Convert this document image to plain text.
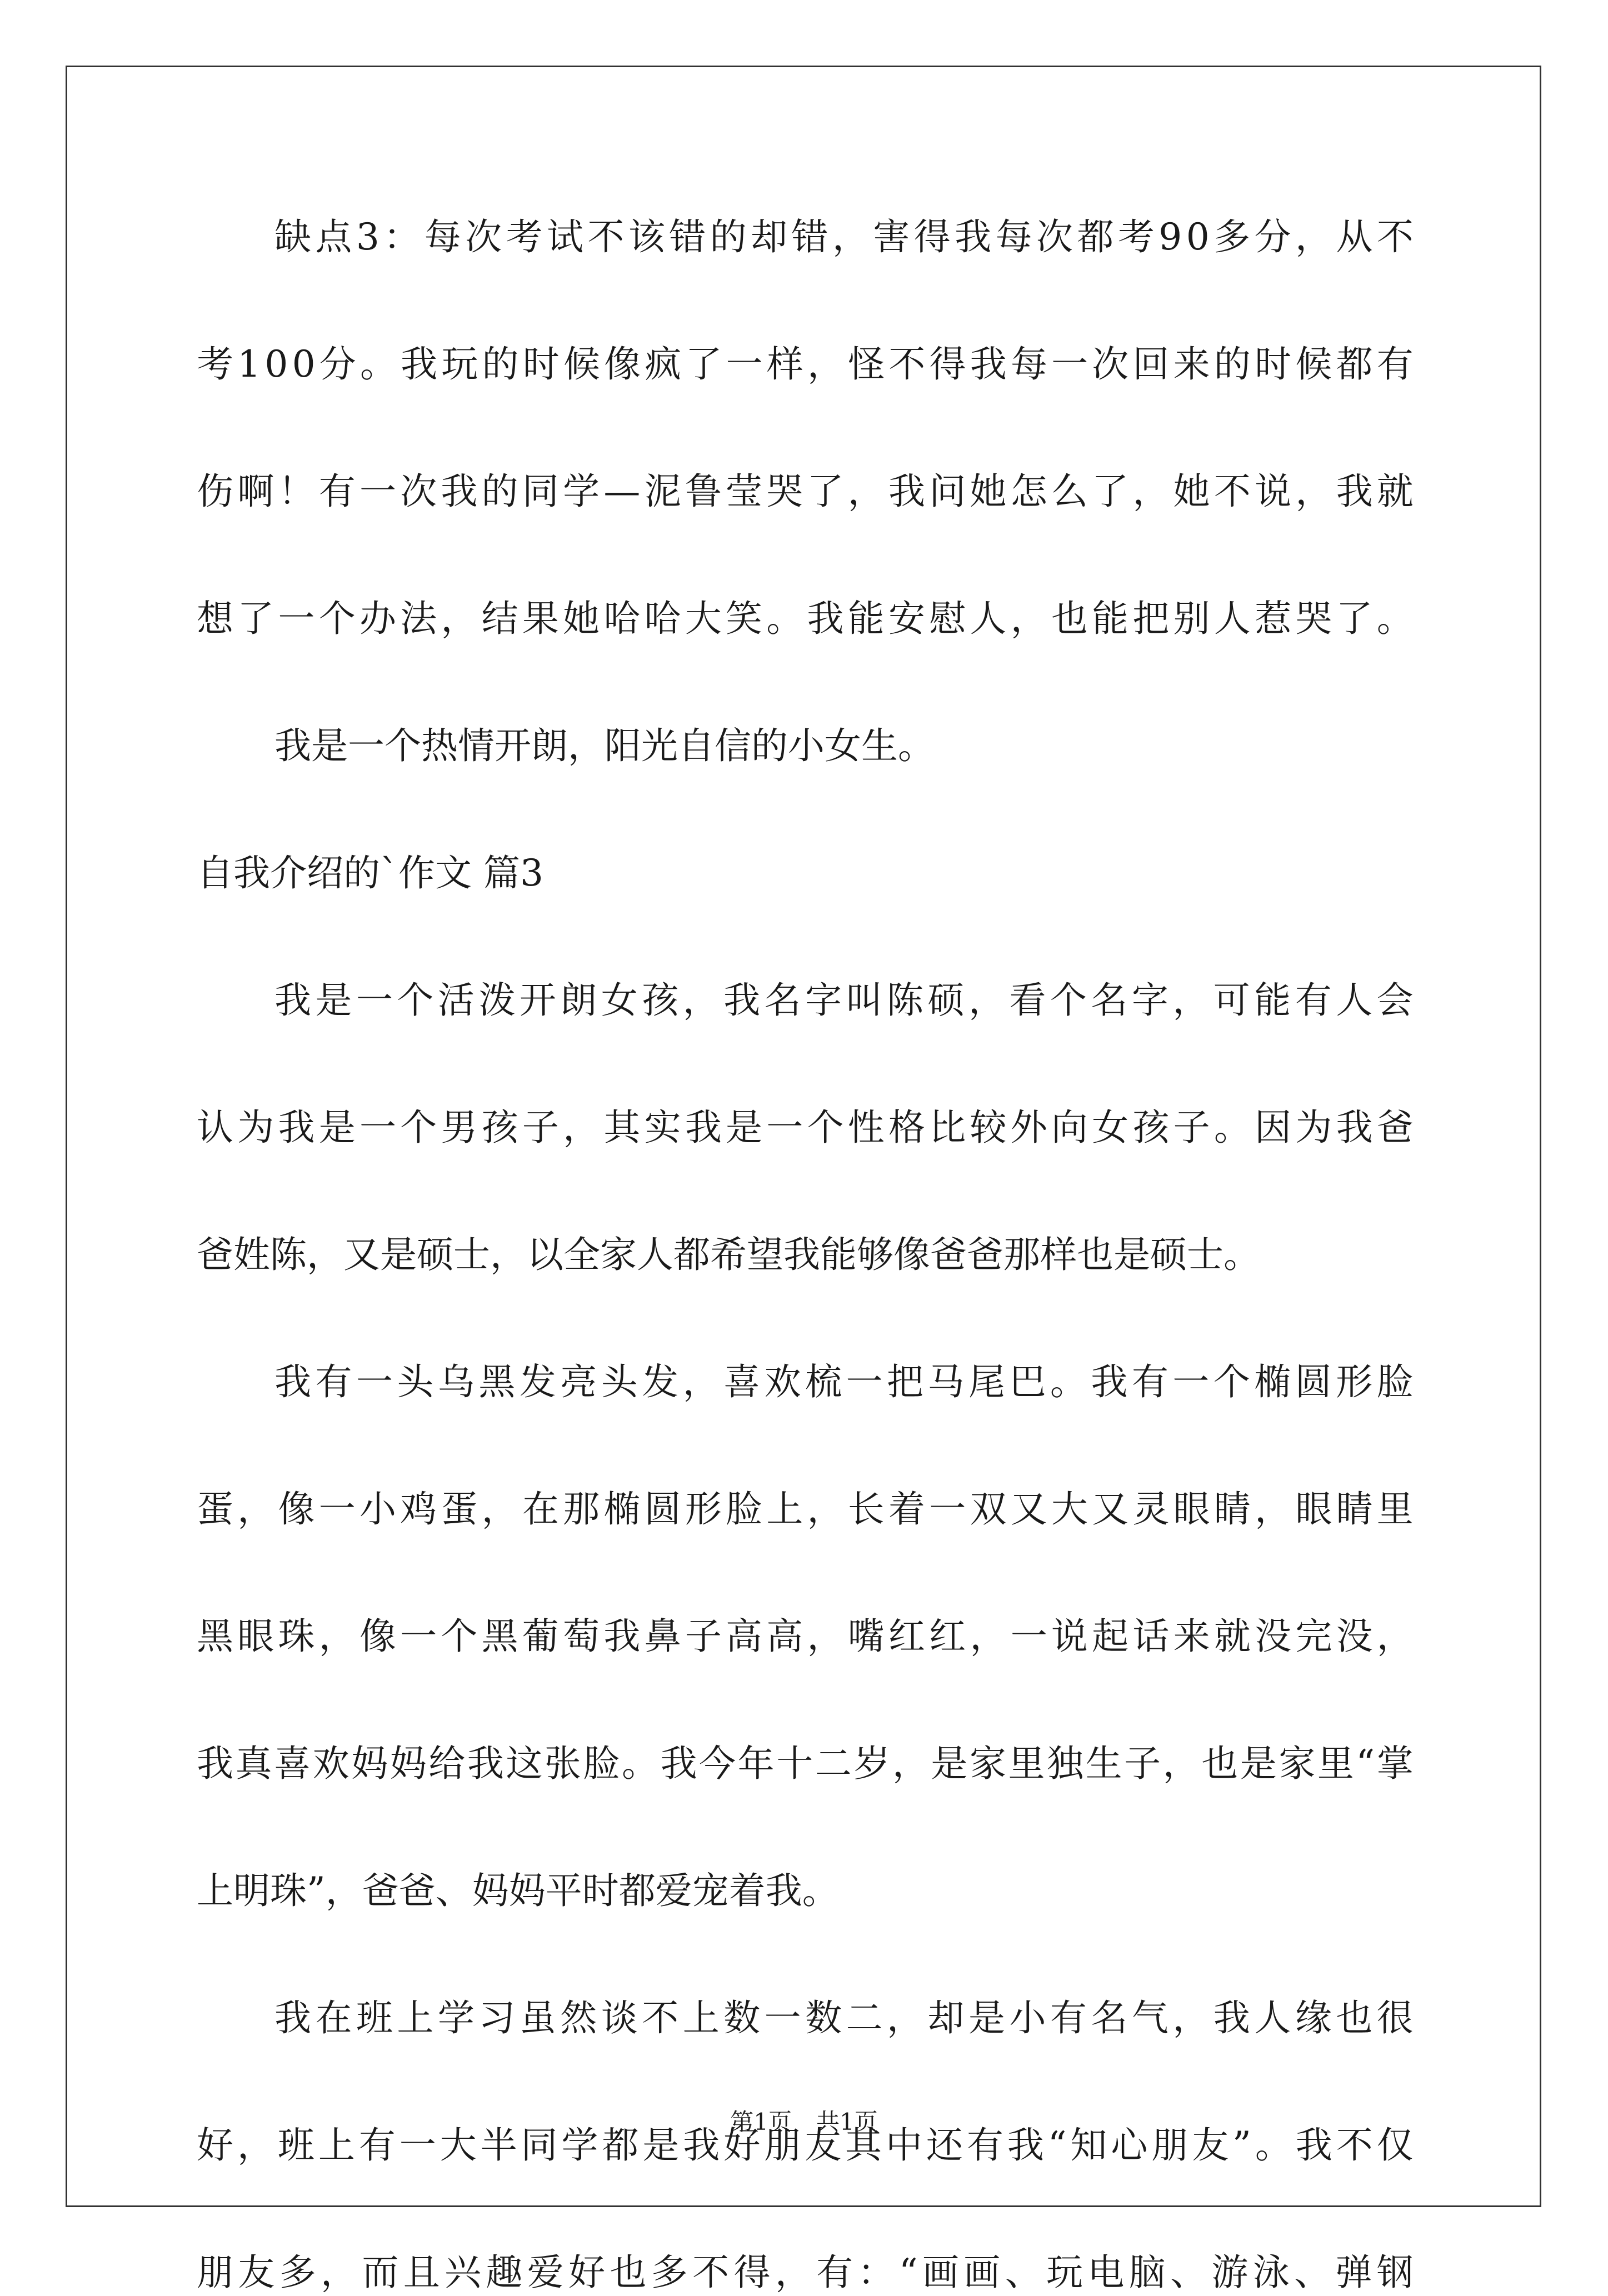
缺 点 3 ： 每 次 考 试 不 该 错 的 却 错 ， 害 得 我 每 次 都 考 9 0 多 分 ， 从 不
考 1 0 0 分 。 我 玩 的 时 候 像 疯 了 一 样 ， 怪 不 得 我 每 一 次 回 来 的 时 候 都 有
伤 啊 ！ 有 一 次 我 的 同 学 — 泥 鲁 莹 哭 了 ， 我 问 她 怎 么 了 ， 她 不 说 ， 我 就
想 了 一 个 办 法 ， 结 果 她 哈 哈 大 笑 。 我 能 安 慰 人 ， 也 能 把 别 人 惹 哭 了 。
我是一个热情开朗，阳光自信的小女生。
自我介绍的`作文 篇3
我 是 一 个 活 泼 开 朗 女 孩 ， 我 名 字 叫 陈 硕 ， 看 个 名 字 ， 可 能 有 人 会
认 为 我 是 一 个 男 孩 子 ， 其 实 我 是 一 个 性 格 比 较 外 向 女 孩 子 。 因 为 我 爸
爸姓陈，又是硕士，以全家人都希望我能够像爸爸那样也是硕士。
我 有 一 头 乌 黑 发 亮 头 发 ， 喜 欢 梳 一 把 马 尾 巴 。 我 有 一 个 椭 圆 形 脸
蛋 ， 像 一 小 鸡 蛋 ， 在 那 椭 圆 形 脸 上 ， 长 着 一 双 又 大 又 灵 眼 睛 ， 眼 睛 里
黑 眼 珠 ， 像 一 个 黑 葡 萄 我 鼻 子 高 高 ， 嘴 红 红 ， 一 说 起 话 来 就 没 完 没 ，
我 真 喜 欢 妈 妈 给 我 这 张 脸 。 我 今 年 十 二 岁 ， 是 家 里 独 生 子 ， 也 是 家 里 “ 掌
上明珠”，爸爸、妈妈平时都爱宠着我。
我 在 班 上 学 习 虽 然 谈 不 上 数 一 数 二 ， 却 是 小 有 名 气 ， 我 人 缘 也 很
好 ， 班 上 有 一 大 半 同 学 都 是 我 好 朋 友 其 中 还 有 我 “ 知 心 朋 友 ” 。 我 不 仅
朋 友 多 ， 而 且 兴 趣 爱 好 也 多 不 得 ， 有 ： “ 画 画 、 玩 电 脑 、 游 泳 、 弹 钢
第1页 共1页
